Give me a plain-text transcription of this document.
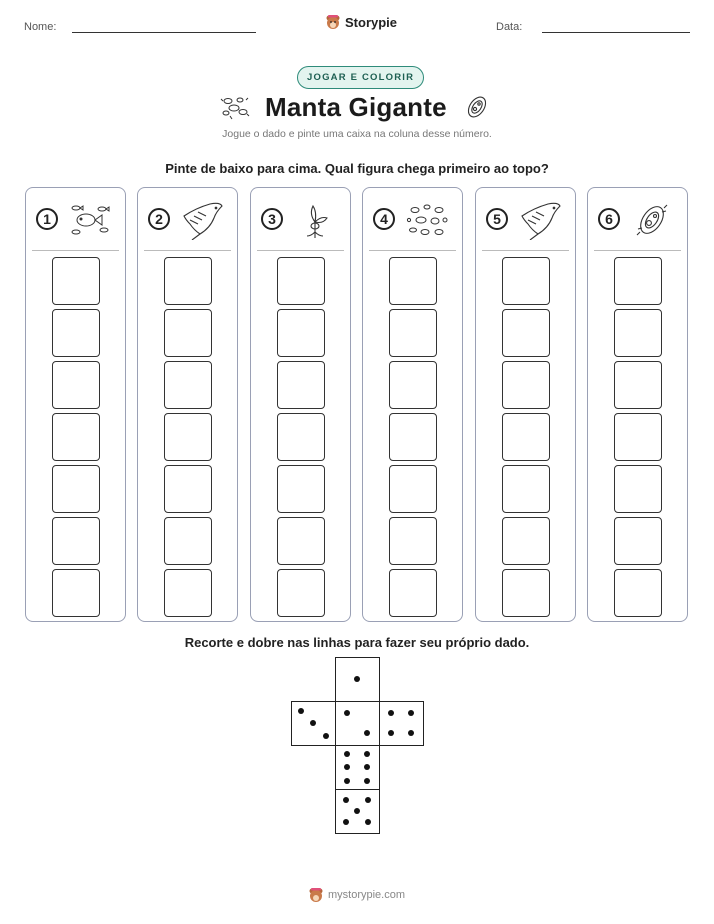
Nome:	Storypie	Data:
JOGAR E COLORIR
Manta Gigante
Jogue o dado e pinte uma caixa na coluna desse número.
Pinte de baixo para cima. Qual figura chega primeiro ao topo?
1	2	3	4	5	6
Recorte e dobre nas linhas para fazer seu próprio dado.
mystorypie.com
